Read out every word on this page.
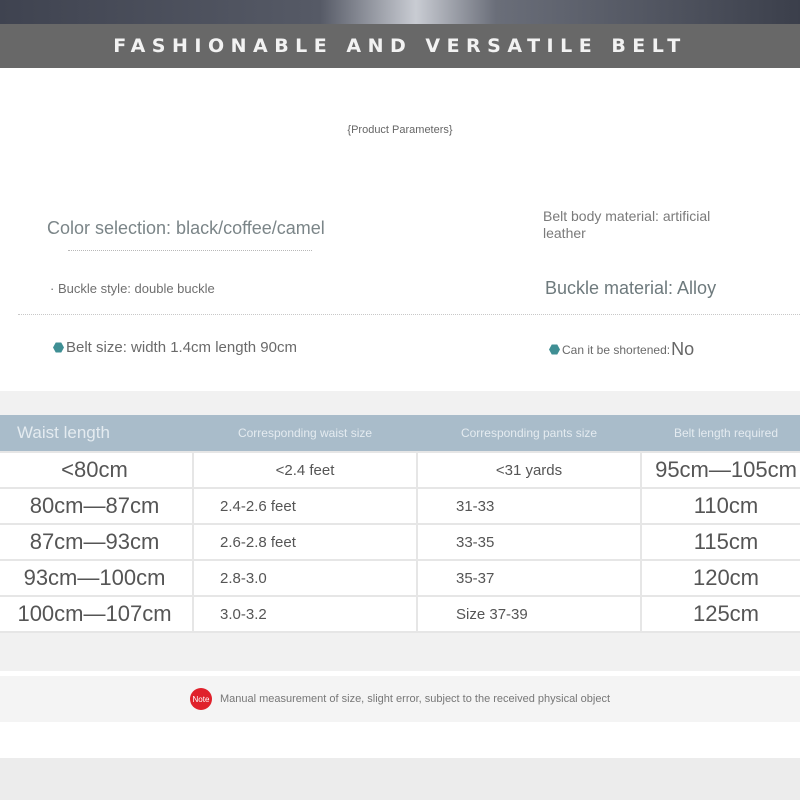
FASHIONABLE AND VERSATILE BELT
{Product Parameters}
Color selection: black/coffee/camel
Belt body material: artificial leather
· Buckle style: double buckle	Buckle material: Alloy
Belt size: width 1.4cm length 90cm	Can it be shortened: No
Waist length	Corresponding waist size	Corresponding pants size	Belt length required
<80cm	<2.4 feet	<31 yards	95cm—105cm
80cm—87cm	2.4-2.6 feet	31-33	110cm
87cm—93cm	2.6-2.8 feet	33-35	115cm
93cm—100cm	2.8-3.0	35-37	120cm
100cm—107cm	3.0-3.2	Size 37-39	125cm
Note Manual measurement of size, slight error, subject to the received physical object
